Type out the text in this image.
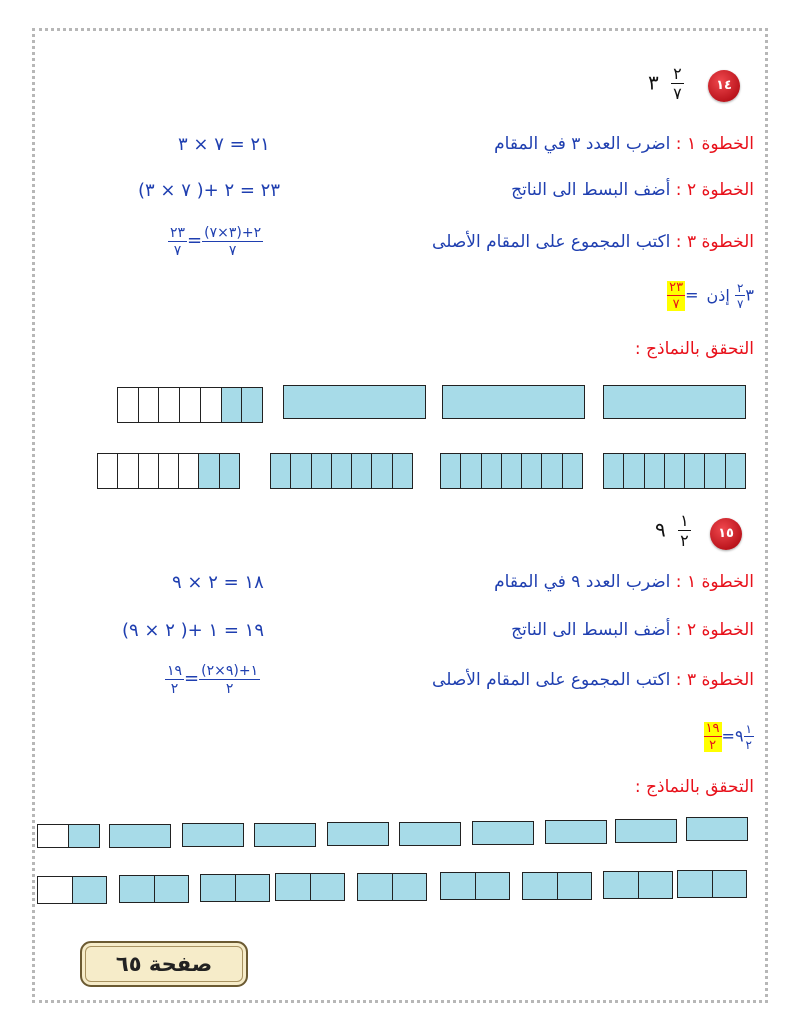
١٤
٣ $\frac{٢}{٧}$
الخطوة ١ : اضرب العدد ٣ في المقام
٢١ = ٧ × ٣
الخطوة ٢ : أضف البسط الى الناتج
٢٣ = ٢ +( ٧ × ٣)
الخطوة ٣ : اكتب المجموع على المقام الأصلى
$\frac{٢٣}{٧} = \frac{(٣\times ٧)+٢}{٧}$
$\frac{٢٣}{٧}$ =	٣
$\frac{٢}{٧}$
إذن
التحقق بالنماذج :
١٥
٩ $\frac{١}{٢}$
الخطوة ١ : اضرب العدد ٩ في المقام
١٨ = ٢ × ٩
الخطوة ٢ : أضف البسط الى الناتج
١٩ = ١ +( ٢ × ٩)
الخطوة ٣ : اكتب المجموع على المقام الأصلى
$\frac{١٩}{٢} = \frac{(٩\times ٢)+١}{٢}$
$\frac{١٩}{٢}$ =٩ $\frac{١}{٢}$
التحقق بالنماذج :
صفحة ٦٥
